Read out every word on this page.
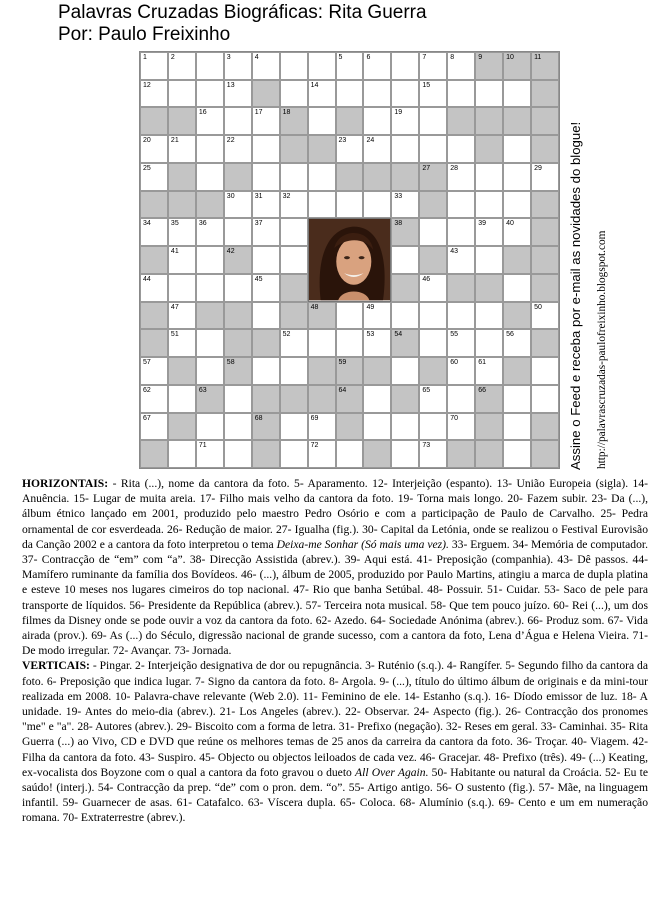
Palavras Cruzadas Biográficas: Rita Guerra
Por: Paulo Freixinho
1	2	3	4	5	6	7	8	9	10	11
12	13	14	15
16	17	18	19
20	21	22	23	24
25	27	28	29
30	31	32	33
34	35	36	37	38	39	40
41	42	43
44	45	46
47	48	49	50
51	52	53	54	55	56
57	58	59	60	61
62	63	64	65	66
67	68	69	70
71	72	73	Assine o Feed e receba por e-mail as novidades do blogue! http://palavrascruzadas-paulofreixinho.blogspot.com

HORIZONTAIS: - Rita (...), nome da cantora da foto. 5- Aparamento. 12- Interjeição (espanto). 13- União Europeia (sigla). 14- Anuência. 15- Lugar de muita areia. 17- Filho mais velho da cantora da foto. 19- Torna mais longo. 20- Fazem subir. 23- Da (...), álbum étnico lançado em 2001, produzido pelo maestro Pedro Osório e com a participação de Paulo de Carvalho. 25- Pedra ornamental de cor esverdeada. 26- Redução de maior. 27- Igualha (fig.). 30- Capital da Letónia, onde se realizou o Festival Eurovisão da Canção 2002 e a cantora da foto interpretou o tema Deixa-me Sonhar (Só mais uma vez). 33- Erguem. 34- Memória de computador. 37- Contracção de “em” com “a”. 38- Direcção Assistida (abrev.). 39- Aqui está. 41- Preposição (companhia). 43- Dê passos. 44- Mamífero ruminante da família dos Bovídeos. 46- (...), álbum de 2005, produzido por Paulo Martins, atingiu a marca de dupla platina e esteve 10 meses nos lugares cimeiros do top nacional. 47- Rio que banha Setúbal. 48- Possuir. 51- Cuidar. 53- Saco de pele para transporte de líquidos. 56- Presidente da República (abrev.). 57- Terceira nota musical. 58- Que tem pouco juízo. 60- Rei (...), um dos filmes da Disney onde se pode ouvir a voz da cantora da foto. 62- Azedo. 64- Sociedade Anónima (abrev.). 66- Produz som. 67- Vida airada (prov.). 69- As (...) do Século, digressão nacional de grande sucesso, com a cantora da foto, Lena d’Água e Helena Vieira. 71- De modo irregular. 72- Avançar. 73- Jornada.

VERTICAIS: - Pingar. 2- Interjeição designativa de dor ou repugnância. 3- Ruténio (s.q.). 4- Rangífer. 5- Segundo filho da cantora da foto. 6- Preposição que indica lugar. 7- Signo da cantora da foto. 8- Argola. 9- (...), título do último álbum de originais e da mini-tour realizada em 2008. 10- Palavra-chave relevante (Web 2.0). 11- Feminino de ele. 14- Estanho (s.q.). 16- Díodo emissor de luz. 18- A unidade. 19- Antes do meio-dia (abrev.). 21- Los Angeles (abrev.). 22- Observar. 24- Aspecto (fig.). 26- Contracção dos pronomes "me" e "a". 28- Autores (abrev.). 29- Biscoito com a forma de letra. 31- Prefixo (negação). 32- Reses em geral. 33- Caminhai. 35- Rita Guerra (...) ao Vivo, CD e DVD que reúne os melhores temas de 25 anos da carreira da cantora da foto. 36- Troçar. 40- Viagem. 42- Filha da cantora da foto. 43- Suspiro. 45- Objecto ou objectos leiloados de cada vez. 46- Gracejar. 48- Prefixo (três). 49- (...) Keating, ex-vocalista dos Boyzone com o qual a cantora da foto gravou o dueto All Over Again. 50- Habitante ou natural da Croácia. 52- Eu te saúdo! (interj.). 54- Contracção da prep. “de” com o pron. dem. “o”. 55- Artigo antigo. 56- O sustento (fig.). 57- Mãe, na linguagem infantil. 59- Guarnecer de asas. 61- Catafalco. 63- Víscera dupla. 65- Coloca. 68- Alumínio (s.q.). 69- Cento e um em numeração romana. 70- Extraterrestre (abrev.).
